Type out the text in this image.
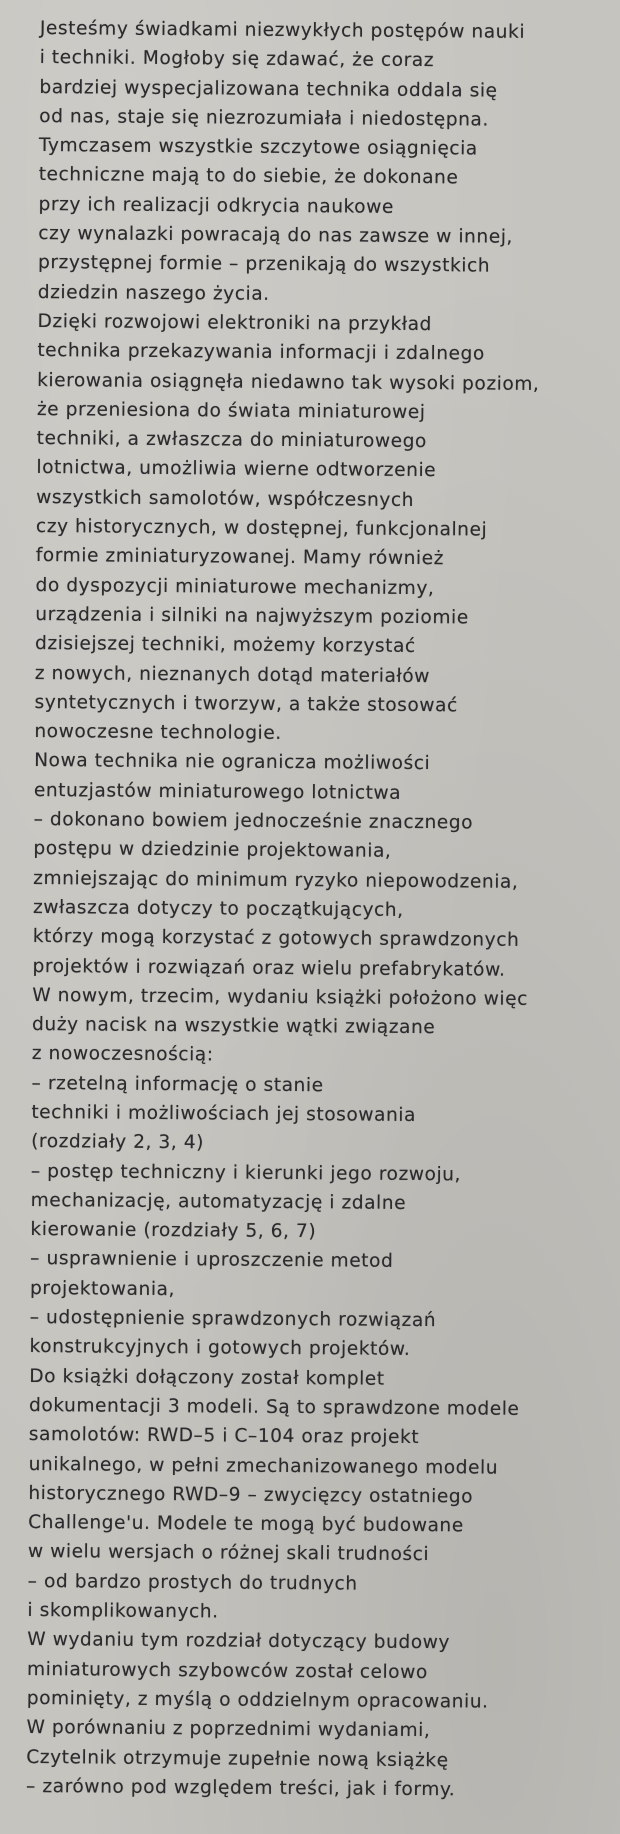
Jesteśmy świadkami niezwykłych postępów nauki
i techniki. Mogłoby się zdawać, że coraz
bardziej wyspecjalizowana technika oddala się
od nas, staje się niezrozumiała i niedostępna.
Tymczasem wszystkie szczytowe osiągnięcia
techniczne mają to do siebie, że dokonane
przy ich realizacji odkrycia naukowe
czy wynalazki powracają do nas zawsze w innej,
przystępnej formie – przenikają do wszystkich
dziedzin naszego życia.
Dzięki rozwojowi elektroniki na przykład
technika przekazywania informacji i zdalnego
kierowania osiągnęła niedawno tak wysoki poziom,
że przeniesiona do świata miniaturowej
techniki, a zwłaszcza do miniaturowego
lotnictwa, umożliwia wierne odtworzenie
wszystkich samolotów, współczesnych
czy historycznych, w dostępnej, funkcjonalnej
formie zminiaturyzowanej. Mamy również
do dyspozycji miniaturowe mechanizmy,
urządzenia i silniki na najwyższym poziomie
dzisiejszej techniki, możemy korzystać
z nowych, nieznanych dotąd materiałów
syntetycznych i tworzyw, a także stosować
nowoczesne technologie.
Nowa technika nie ogranicza możliwości
entuzjastów miniaturowego lotnictwa
– dokonano bowiem jednocześnie znacznego
postępu w dziedzinie projektowania,
zmniejszając do minimum ryzyko niepowodzenia,
zwłaszcza dotyczy to początkujących,
którzy mogą korzystać z gotowych sprawdzonych
projektów i rozwiązań oraz wielu prefabrykatów.
W nowym, trzecim, wydaniu książki położono więc
duży nacisk na wszystkie wątki związane
z nowoczesnością:
– rzetelną informację o stanie
techniki i możliwościach jej stosowania
(rozdziały 2, 3, 4)
– postęp techniczny i kierunki jego rozwoju,
mechanizację, automatyzację i zdalne
kierowanie (rozdziały 5, 6, 7)
– usprawnienie i uproszczenie metod
projektowania,
– udostępnienie sprawdzonych rozwiązań
konstrukcyjnych i gotowych projektów.
Do książki dołączony został komplet
dokumentacji 3 modeli. Są to sprawdzone modele
samolotów: RWD–5 i C–104 oraz projekt
unikalnego, w pełni zmechanizowanego modelu
historycznego RWD–9 – zwycięzcy ostatniego
Challenge'u. Modele te mogą być budowane
w wielu wersjach o różnej skali trudności
– od bardzo prostych do trudnych
i skomplikowanych.
W wydaniu tym rozdział dotyczący budowy
miniaturowych szybowców został celowo
pominięty, z myślą o oddzielnym opracowaniu.
W porównaniu z poprzednimi wydaniami,
Czytelnik otrzymuje zupełnie nową książkę
– zarówno pod względem treści, jak i formy.
